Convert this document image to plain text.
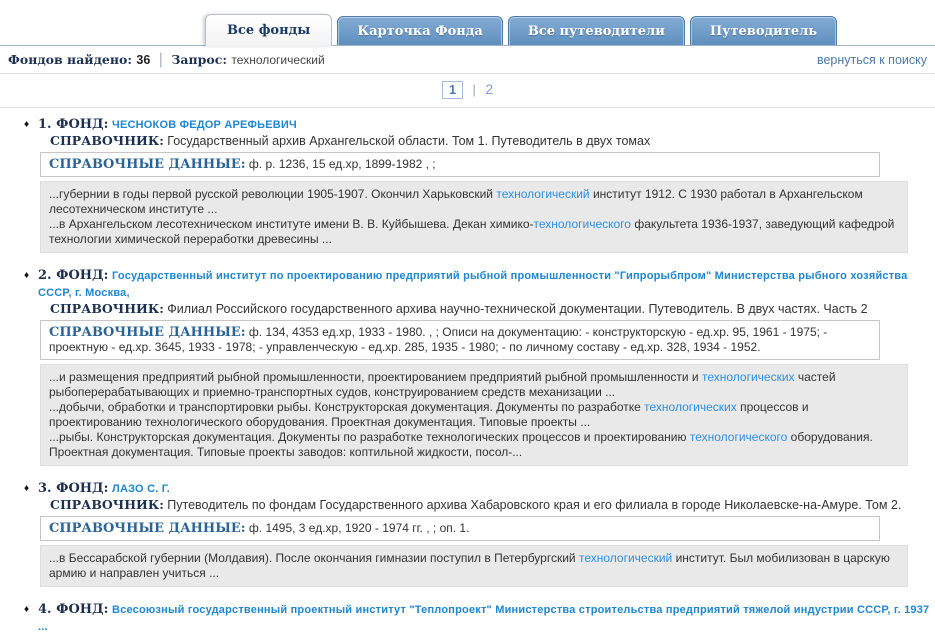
Все фонды	Карточка Фонда	Все путеводители	Путеводитель
Фондов найдено: 36 | Запрос: технологический	вернуться к поиску
1 | 2
♦ 1. ФОНД: ЧЕСНОКОВ ФЕДОР АРЕФЬЕВИЧ
СПРАВОЧНИК: Государственный архив Архангельской области. Том 1. Путеводитель в двух томах
СПРАВОЧНЫЕ ДАННЫЕ: ф. р. 1236, 15 ед.хр, 1899-1982 , ;
...губернии в годы первой русской революции 1905-1907. Окончил Харьковский технологический институт 1912. С 1930 работал в Архангельском лесотехническом институте ...
...в Архангельском лесотехническом институте имени В. В. Куйбышева. Декан химико-технологического факультета 1936-1937, заведующий кафедрой технологии химической переработки древесины ...
♦ 2. ФОНД: Государственный институт по проектированию предприятий рыбной промышленности "Гипрорыбпром" Министерства рыбного хозяйства СССР, г. Москва,
СПРАВОЧНИК: Филиал Российского государственного архива научно-технической документации. Путеводитель. В двух частях. Часть 2
СПРАВОЧНЫЕ ДАННЫЕ: ф. 134, 4353 ед.хр, 1933 - 1980. , ; Описи на документацию: - конструкторскую - ед.хр. 95, 1961 - 1975; - проектную - ед.хр. 3645, 1933 - 1978; - управленческую - ед.хр. 285, 1935 - 1980; - по личному составу - ед.хр. 328, 1934 - 1952.
...и размещения предприятий рыбной промышленности, проектированием предприятий рыбной промышленности и технологических частей рыбоперерабатывающих и приемно-транспортных судов, конструированием средств механизации ...
...добычи, обработки и транспортировки рыбы. Конструкторская документация. Документы по разработке технологических процессов и проектированию технологического оборудования. Проектная документация. Типовые проекты ...
...рыбы. Конструкторская документация. Документы по разработке технологических процессов и проектированию технологического оборудования. Проектная документация. Типовые проекты заводов: коптильной жидкости, посол-...
♦ 3. ФОНД: ЛАЗО С. Г.
СПРАВОЧНИК: Путеводитель по фондам Государственного архива Хабаровского края и его филиала в городе Николаевске-на-Амуре. Том 2.
СПРАВОЧНЫЕ ДАННЫЕ: ф. 1495, 3 ед.хр, 1920 - 1974 гг. , ; оп. 1.
...в Бессарабской губернии (Молдавия). После окончания гимназии поступил в Петербургский технологический институт. Был мобилизован в царскую армию и направлен учиться ...
♦ 4. ФОНД: Всесоюзный государственный проектный институт "Теплопроект" Министерства строительства предприятий тяжелой индустрии СССР, г. 1937 ...
